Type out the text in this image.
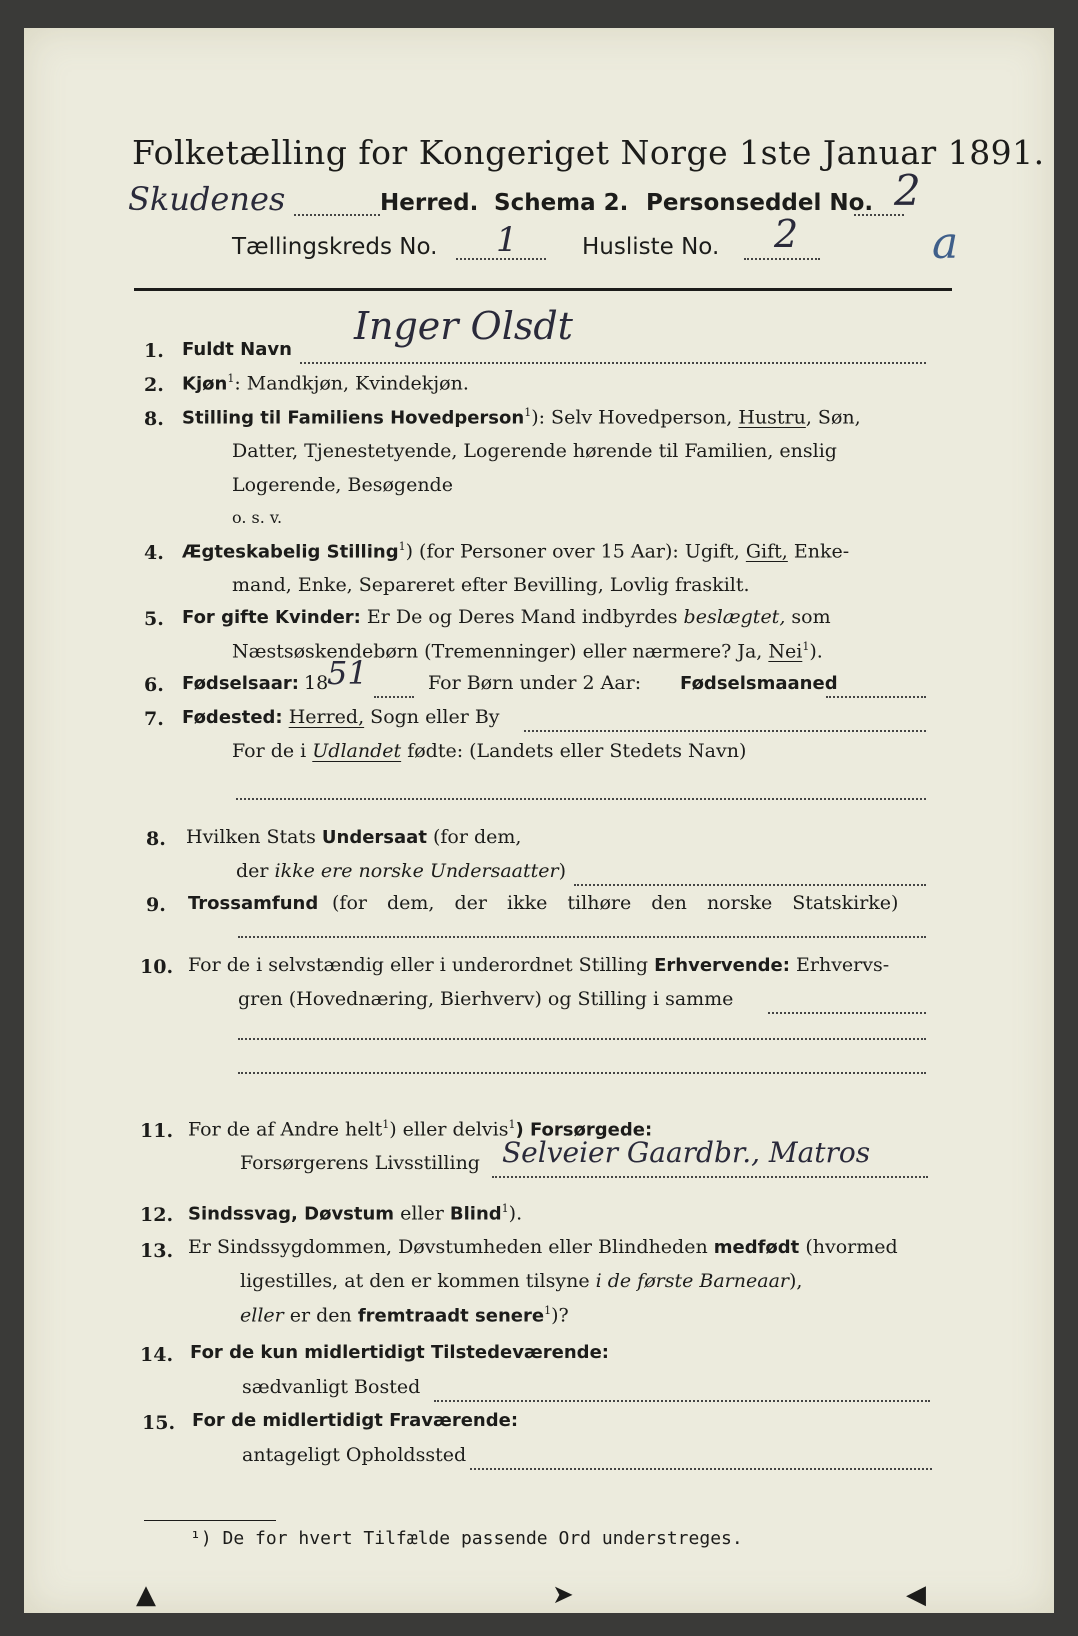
Folketælling for Kongeriget Norge 1ste Januar 1891.
Skudenes	Herred. Schema 2. Personseddel No. 2
Tællingskreds No. 1	Husliste No. 2	a
1. Fuldt Navn
Inger Olsdt
2. Kjøn$^1$: Mandkjøn, Kvindekjøn.
8. Stilling til Familiens Hovedperson$^1$): Selv Hovedperson, Hustru, Søn,
Datter, Tjenestetyende, Logerende hørende til Familien, enslig
Logerende, Besøgende
o. s. v.
4. Ægteskabelig Stilling$^1$) (for Personer over 15 Aar): Ugift, Gift, Enke-
mand, Enke, Separeret efter Bevilling, Lovlig fraskilt.
5. For gifte Kvinder: Er De og Deres Mand indbyrdes beslægtet, som
Næstsøskendebørn (Tremenninger) eller nærmere? Ja, Nei$^1$).
6. Fødselsaar: 18
51	For Børn under 2 Aar: Fødselsmaaned
7. Fødested: Herred, Sogn eller By
For de i Udlandet fødte: (Landets eller Stedets Navn)
8. Hvilken Stats Undersaat (for dem,
der ikke ere norske Undersaatter)
9. Trossamfund (for dem, der ikke tilhøre den norske Statskirke)
10. For de i selvstændig eller i underordnet Stilling Erhvervende: Erhvervs-
gren (Hovednæring, Bierhverv) og Stilling i samme
11. For de af Andre helt$^1$) eller delvis$^1$) Forsørgede:
Forsørgerens Livsstilling Selveier Gaardbr., Matros
12. Sindssvag, Døvstum eller Blind$^1$).
13. Er Sindssygdommen, Døvstumheden eller Blindheden medfødt (hvormed
ligestilles, at den er kommen tilsyne i de første Barneaar),
eller er den fremtraadt senere$^1$)?
14. For de kun midlertidigt Tilstedeværende:
sædvanligt Bosted
15. For de midlertidigt Fraværende:
antageligt Opholdssted
¹) De for hvert Tilfælde passende Ord understreges.
▲	➤	◀
